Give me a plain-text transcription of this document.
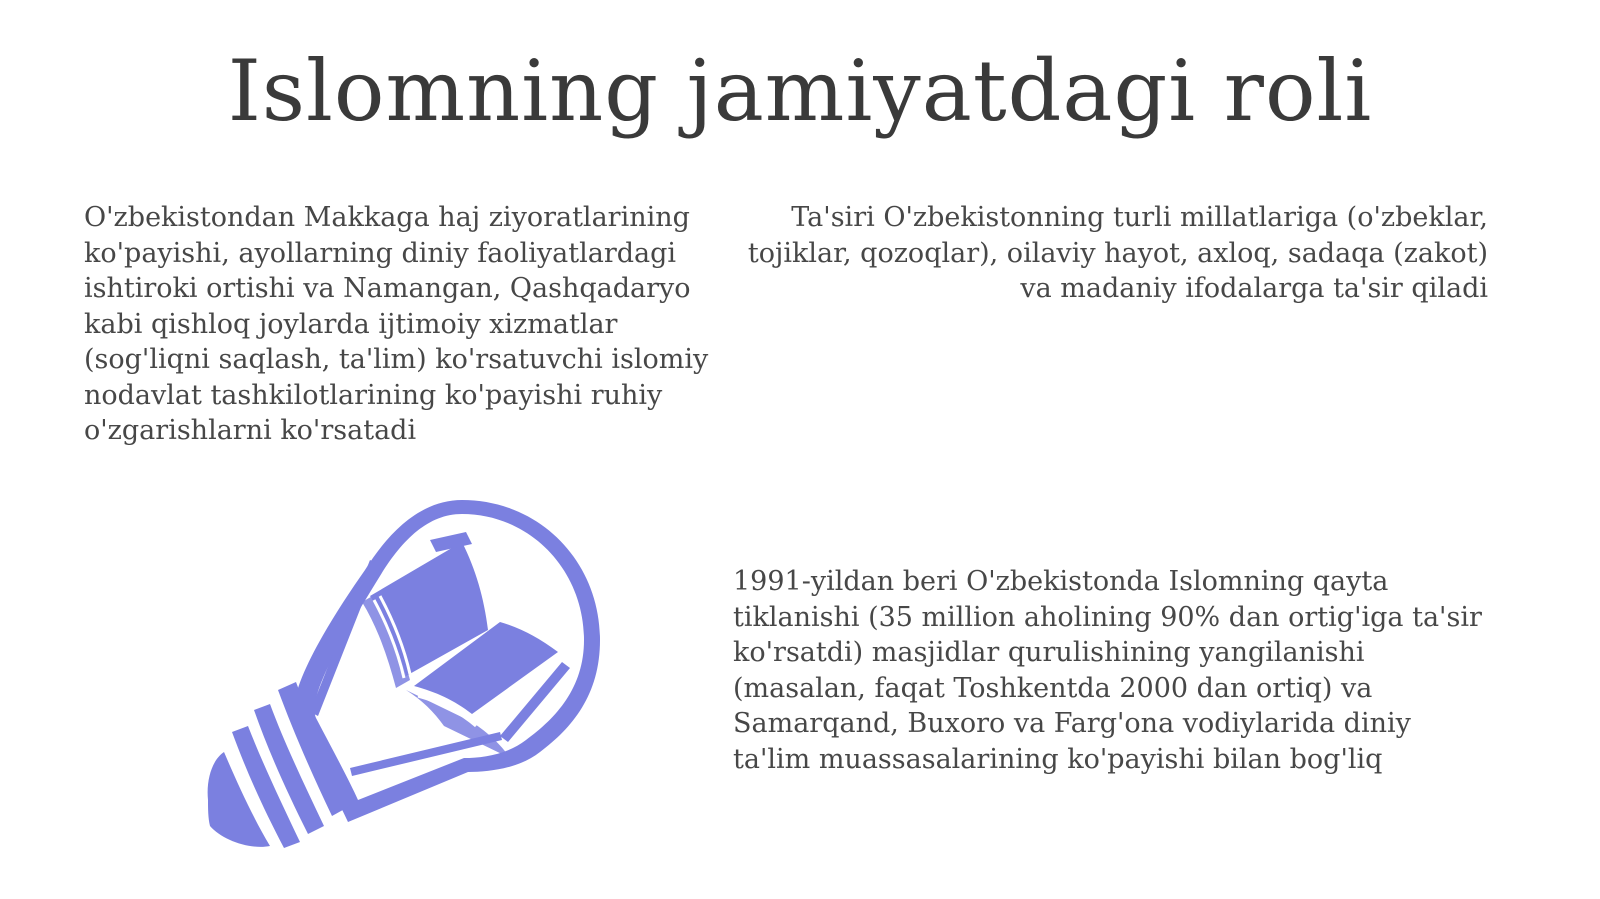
Islomning jamiyatdagi roli
O'zbekistondan Makkaga haj ziyoratlarining ko'payishi, ayollarning diniy faoliyatlardagi ishtiroki ortishi va Namangan, Qashqadaryo kabi qishloq joylarda ijtimoiy xizmatlar (sog'liqni saqlash, ta'lim) ko'rsatuvchi islomiy nodavlat tashkilotlarining ko'payishi ruhiy o'zgarishlarni ko'rsatadi
Ta'siri O'zbekistonning turli millatlariga (o'zbeklar, tojiklar, qozoqlar), oilaviy hayot, axloq, sadaqa (zakot) va madaniy ifodalarga ta'sir qiladi
1991-yildan beri O'zbekistonda Islomning qayta tiklanishi (35 million aholining 90% dan ortig'iga ta'sir ko'rsatdi) masjidlar qurulishining yangilanishi (masalan, faqat Toshkentda 2000 dan ortiq) va Samarqand, Buxoro va Farg'ona vodiylarida diniy ta'lim muassasalarining ko'payishi bilan bog'liq
